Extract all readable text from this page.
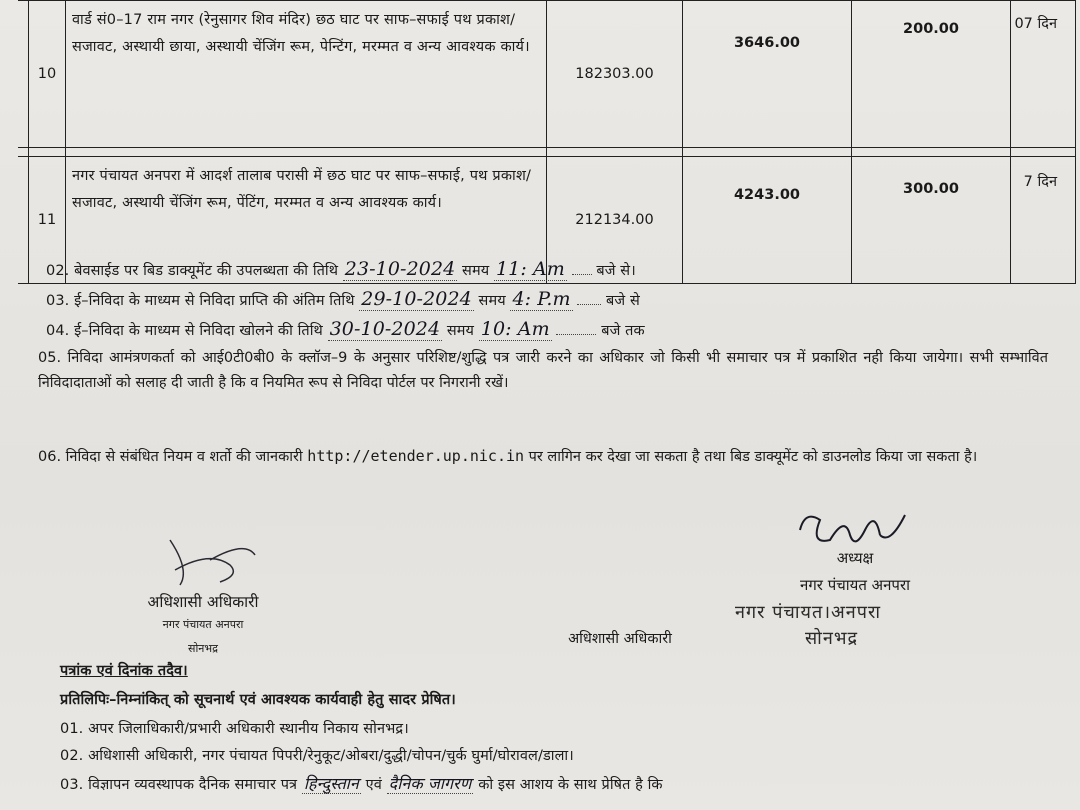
	10	वार्ड सं0–17 राम नगर (रेनुसागर शिव मंदिर) छठ घाट पर साफ–सफाई पथ प्रकाश/सजावट, अस्थायी छाया, अस्थायी चेंजिंग रूम, पेन्टिंग, मरम्मत व अन्य आवश्यक कार्य।	182303.00	3646.00	200.00	07 दिन

	11	नगर पंचायत अनपरा में आदर्श तालाब परासी में छठ घाट पर साफ–सफाई, पथ प्रकाश/सजावट, अस्थायी चेंजिंग रूम, पेंटिंग, मरम्मत व अन्य आवश्यक कार्य।	212134.00	4243.00	300.00	7 दिन
02. बेवसाईड पर बिड डाक्यूमेंट की उपलब्धता की तिथि 23-10-2024 समय 11: Am बजे से।
03. ई–निविदा के माध्यम से निविदा प्राप्ति की अंतिम तिथि 29-10-2024 समय 4: P.m बजे से
04. ई–निविदा के माध्यम से निविदा खोलने की तिथि 30-10-2024 समय 10: Am	बजे तक
05. निविदा आमंत्रणकर्ता को आई0टी0बी0 के क्लॉज–9 के अनुसार परिशिष्ट/शुद्धि पत्र जारी करने का अधिकार जो किसी भी समाचार पत्र में प्रकाशित नही किया जायेगा। सभी सम्भावित निविदादाताओं को सलाह दी जाती है कि व नियमित रूप से निविदा पोर्टल पर निगरानी रखें।
06. निविदा से संबंधित नियम व शर्तो की जानकारी http://etender.up.nic.in पर लागिन कर देखा जा सकता है तथा बिड डाक्यूमेंट को डाउनलोड किया जा सकता है।
अधिशासी अधिकारी
नगर पंचायत अनपरा
सोनभद्र
अधिशासी अधिकारी
अध्यक्ष
नगर पंचायत अनपरा
नगर पंचायत।अनपरा
सोनभद्र
पत्रांक एवं दिनांक तदैव।
प्रतिलिपिः–निम्नांकित् को सूचनार्थ एवं आवश्यक कार्यवाही हेतु सादर प्रेषित।
01. अपर जिलाधिकारी/प्रभारी अधिकारी स्थानीय निकाय सोनभद्र।
02. अधिशासी अधिकारी, नगर पंचायत पिपरी/रेनुकूट/ओबरा/दुद्धी/चोपन/चुर्क घुर्मा/घोरावल/डाला।
03. विज्ञापन व्यवस्थापक दैनिक समाचार पत्र हिन्दुस्तान एवं दैनिक जागरण को इस आशय के साथ प्रेषित है कि
